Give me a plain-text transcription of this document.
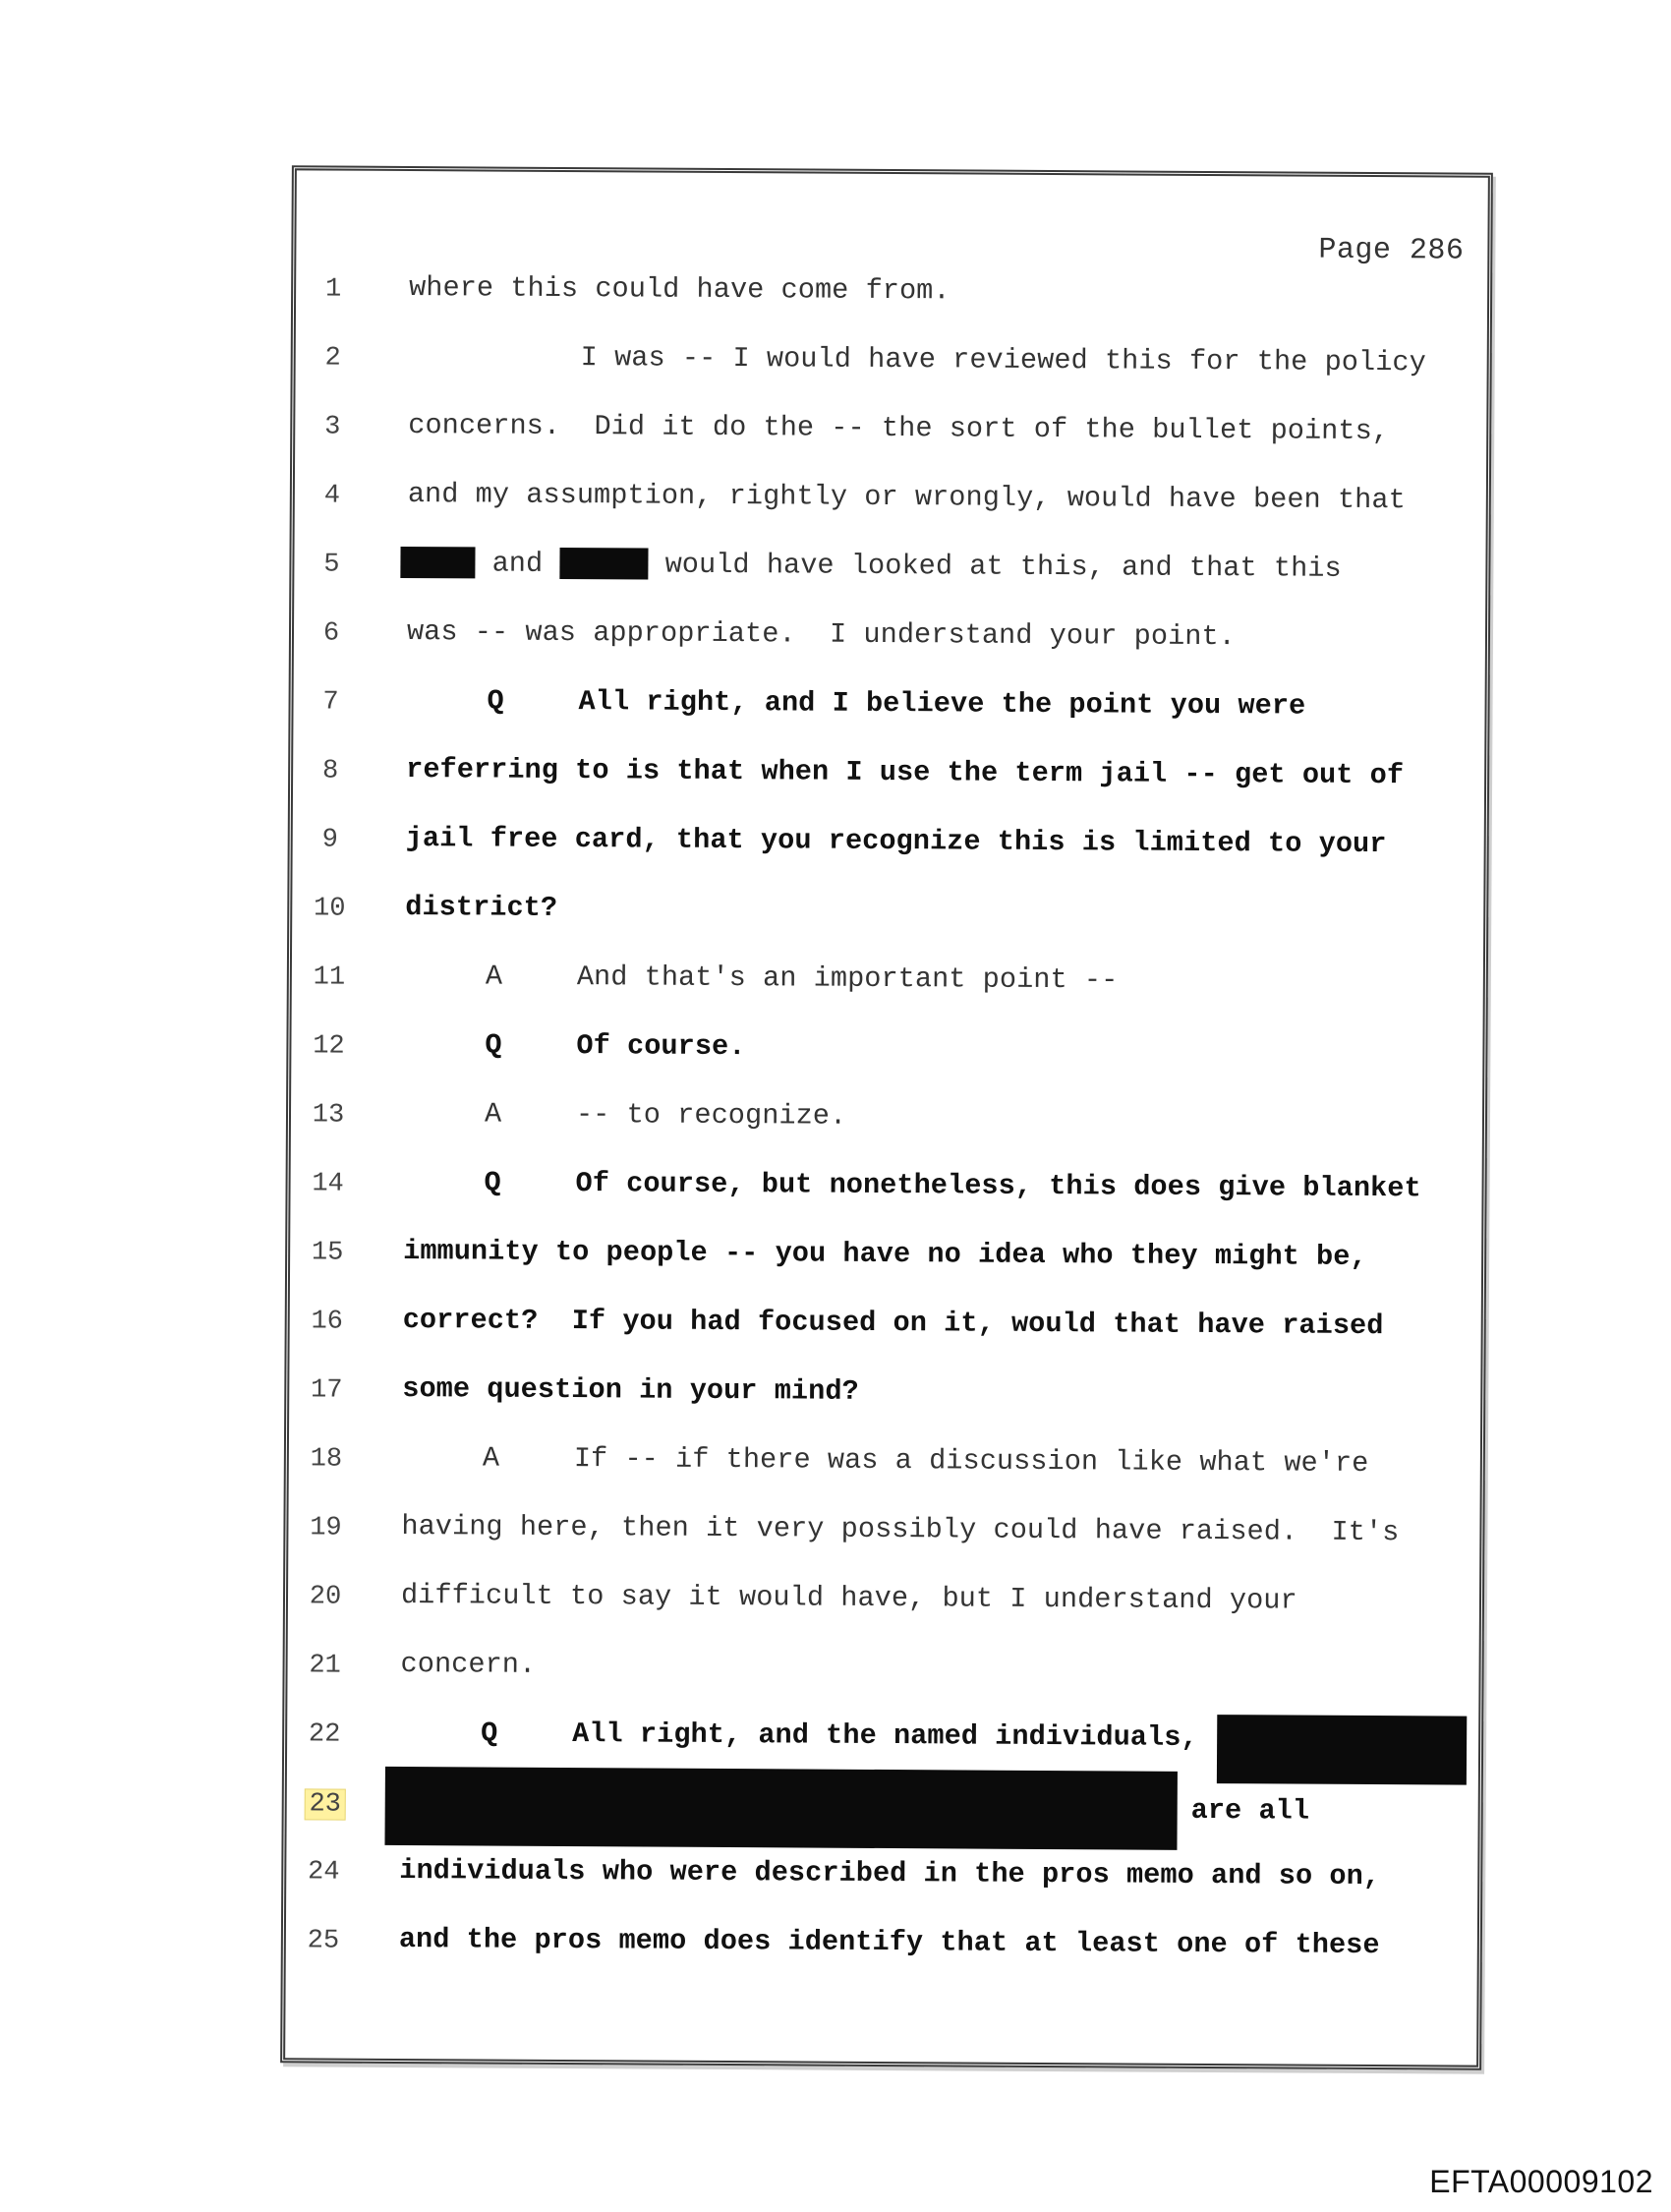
Page 286
1	where this could have come from.
2	I was -- I would have reviewed this for the policy
3	concerns.  Did it do the -- the sort of the bullet points,
4	and my assumption, rightly or wrongly, would have been that
5	and	would have looked at this, and that this
6	was -- was appropriate.  I understand your point.
7	Q	All right, and I believe the point you were
8	referring to is that when I use the term jail -- get out of
9	jail free card, that you recognize this is limited to your
10 district?
11	A	And that's an important point --
12	Q	Of course.
13	A	-- to recognize.
14	Q	Of course, but nonetheless, this does give blanket
15 immunity to people -- you have no idea who they might be,
16 correct?  If you had focused on it, would that have raised
17 some question in your mind?
18	A	If -- if there was a discussion like what we're
19 having here, then it very possibly could have raised.  It's
20 difficult to say it would have, but I understand your
21 concern.
22	Q	All right, and the named individuals,
23	are all
24 individuals who were described in the pros memo and so on,
25 and the pros memo does identify that at least one of these
EFTA00009102
